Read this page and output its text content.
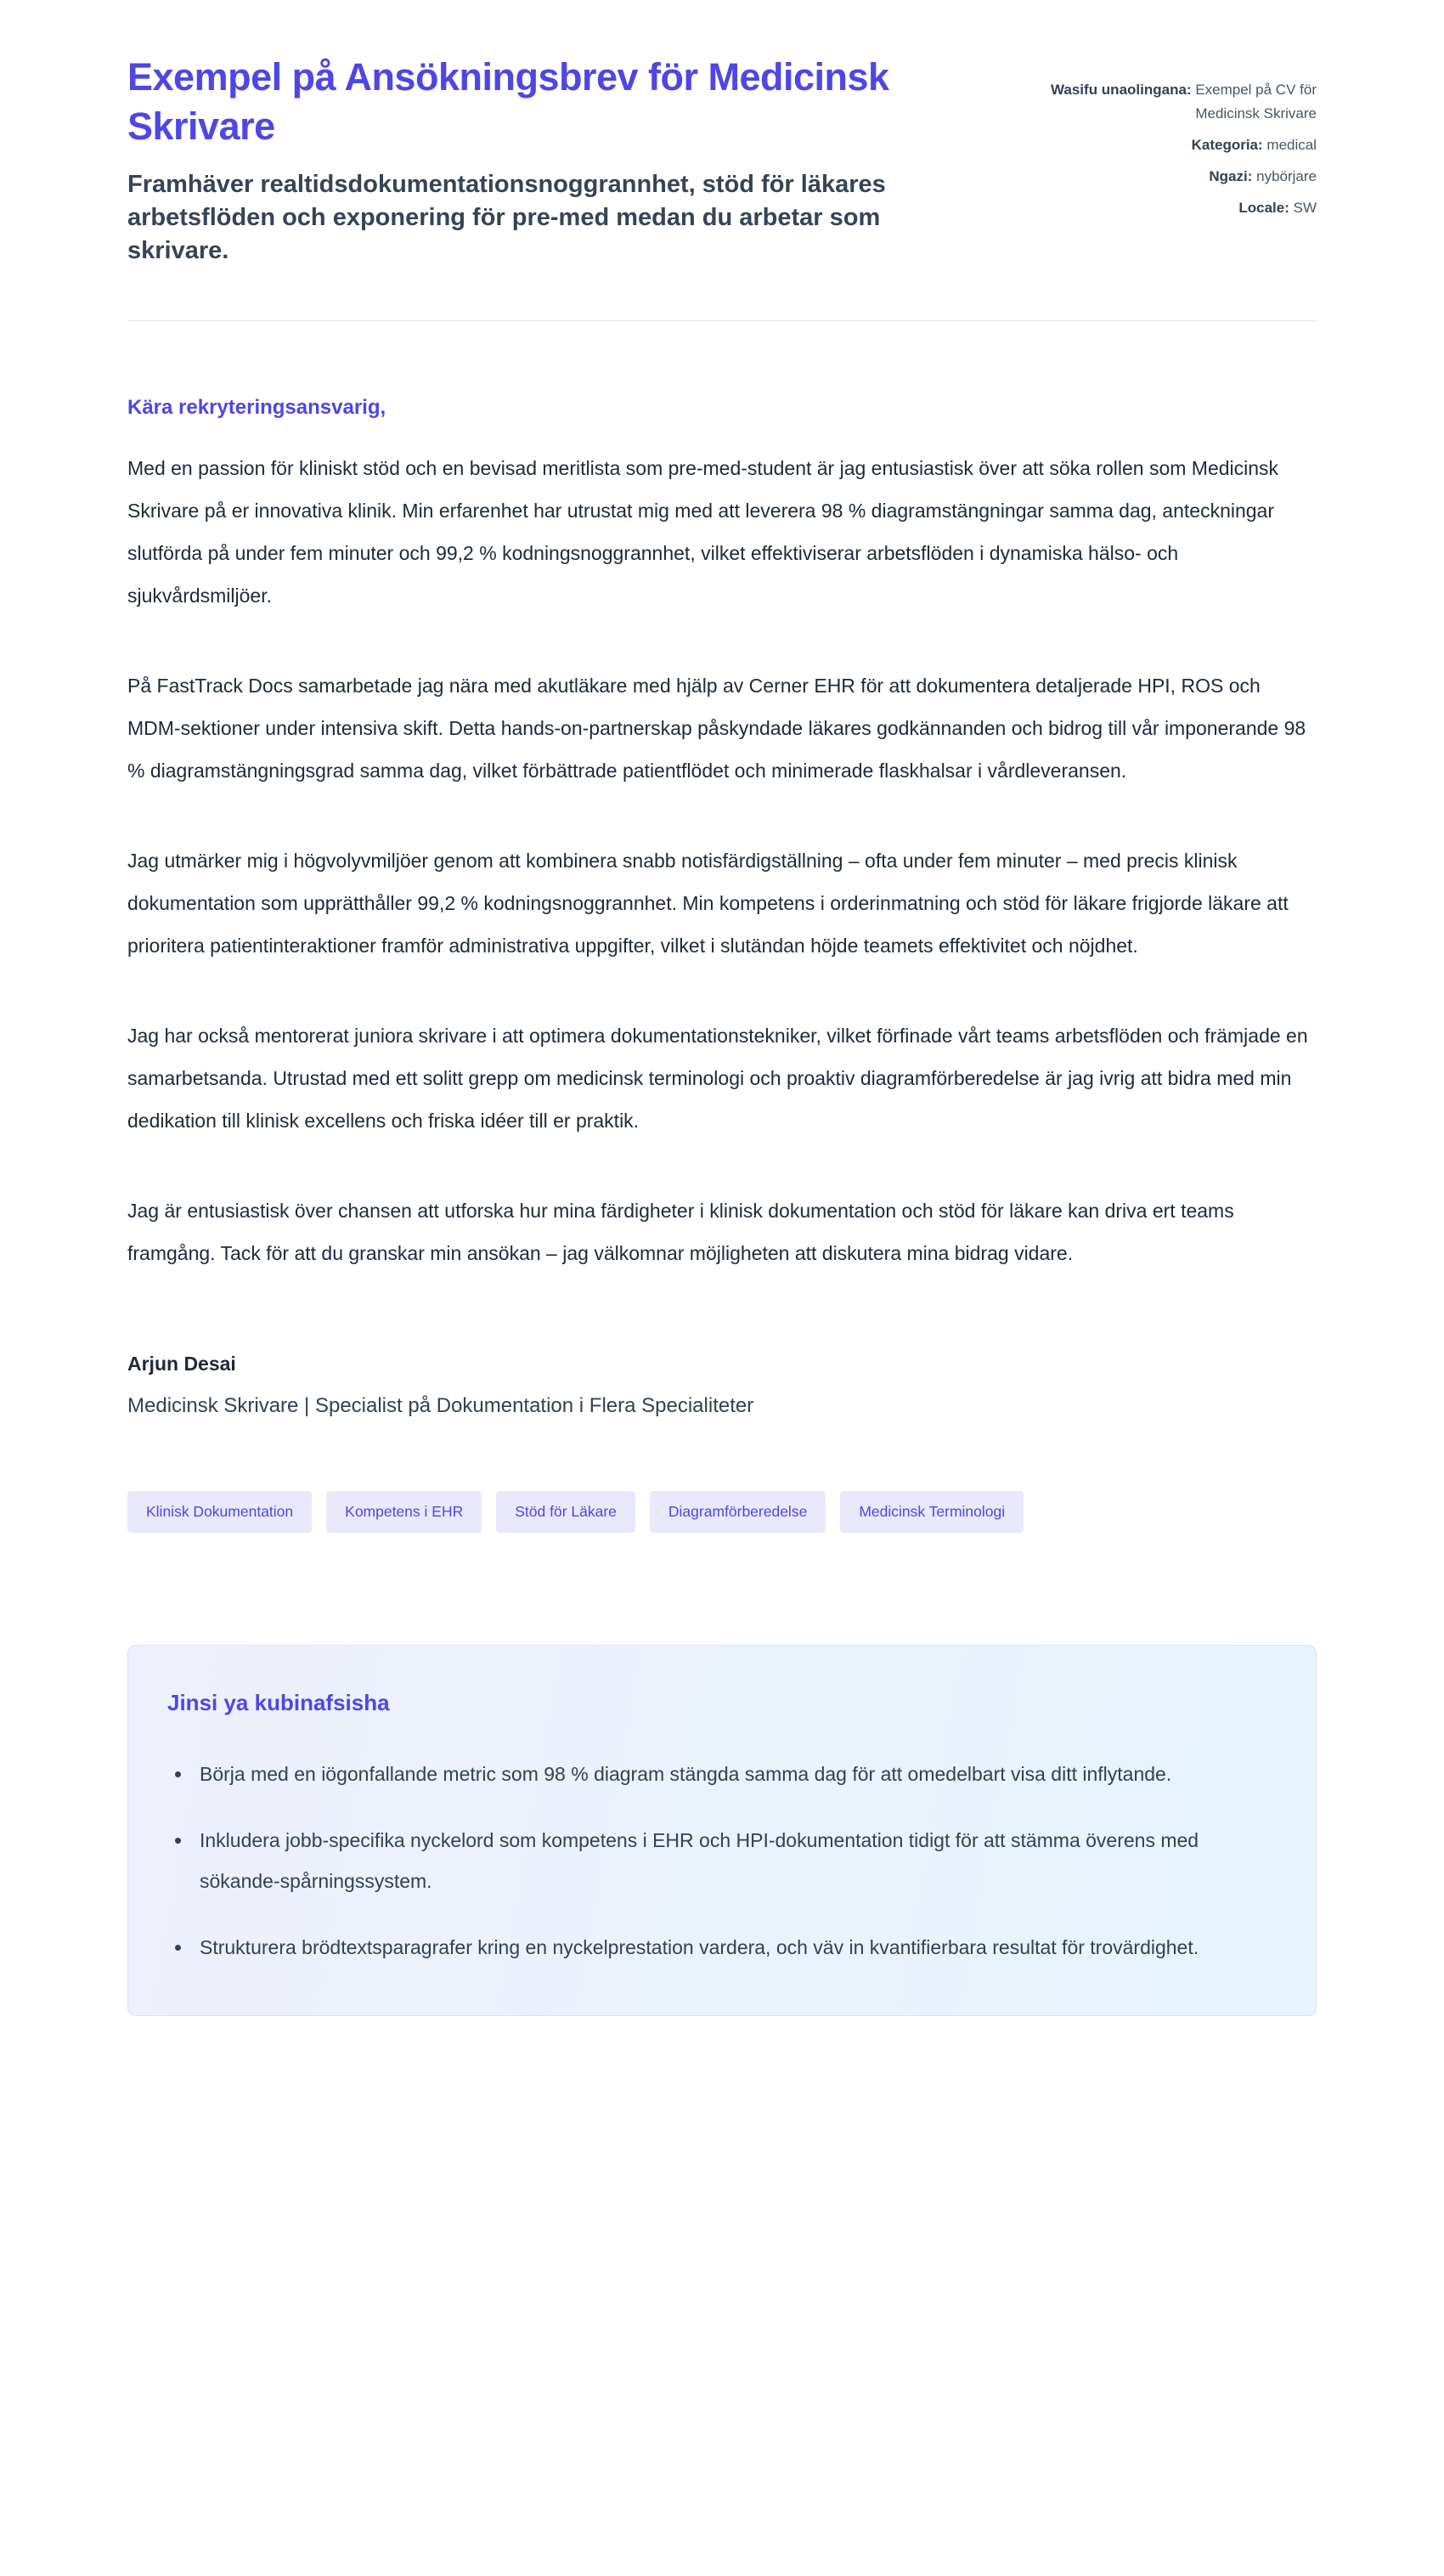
Exempel på Ansökningsbrev för Medicinsk Skrivare

Framhäver realtidsdokumentationsnoggrannhet, stöd för läkares arbetsflöden och exponering för pre-med medan du arbetar som skrivare.

Wasifu unaolingana: Exempel på CV för Medicinsk Skrivare
Kategoria: medical
Ngazi: nybörjare
Locale: SW

Kära rekryteringsansvarig,

Med en passion för kliniskt stöd och en bevisad meritlista som pre-med-student är jag entusiastisk över att söka rollen som Medicinsk Skrivare på er innovativa klinik. Min erfarenhet har utrustat mig med att leverera 98 % diagramstängningar samma dag, anteckningar slutförda på under fem minuter och 99,2 % kodningsnoggrannhet, vilket effektiviserar arbetsflöden i dynamiska hälso- och sjukvårdsmiljöer.

På FastTrack Docs samarbetade jag nära med akutläkare med hjälp av Cerner EHR för att dokumentera detaljerade HPI, ROS och MDM-sektioner under intensiva skift. Detta hands-on-partnerskap påskyndade läkares godkännanden och bidrog till vår imponerande 98 % diagramstängningsgrad samma dag, vilket förbättrade patientflödet och minimerade flaskhalsar i vårdleveransen.

Jag utmärker mig i högvolyvmiljöer genom att kombinera snabb notisfärdigställning – ofta under fem minuter – med precis klinisk dokumentation som upprätthåller 99,2 % kodningsnoggrannhet. Min kompetens i orderinmatning och stöd för läkare frigjorde läkare att prioritera patientinteraktioner framför administrativa uppgifter, vilket i slutändan höjde teamets effektivitet och nöjdhet.

Jag har också mentorerat juniora skrivare i att optimera dokumentationstekniker, vilket förfinade vårt teams arbetsflöden och främjade en samarbetsanda. Utrustad med ett solitt grepp om medicinsk terminologi och proaktiv diagramförberedelse är jag ivrig att bidra med min dedikation till klinisk excellens och friska idéer till er praktik.

Jag är entusiastisk över chansen att utforska hur mina färdigheter i klinisk dokumentation och stöd för läkare kan driva ert teams framgång. Tack för att du granskar min ansökan – jag välkomnar möjligheten att diskutera mina bidrag vidare.

Arjun Desai
Medicinsk Skrivare | Specialist på Dokumentation i Flera Specialiteter
Klinisk Dokumentation	Kompetens i EHR	Stöd för Läkare	Diagramförberedelse	Medicinsk Terminologi
Jinsi ya kubinafsisha
• Börja med en iögonfallande metric som 98 % diagram stängda samma dag för att omedelbart visa ditt inflytande.
• Inkludera jobb-specifika nyckelord som kompetens i EHR och HPI-dokumentation tidigt för att stämma överens med sökande-spårningssystem.
• Strukturera brödtextsparagrafer kring en nyckelprestation vardera, och väv in kvantifierbara resultat för trovärdighet.
